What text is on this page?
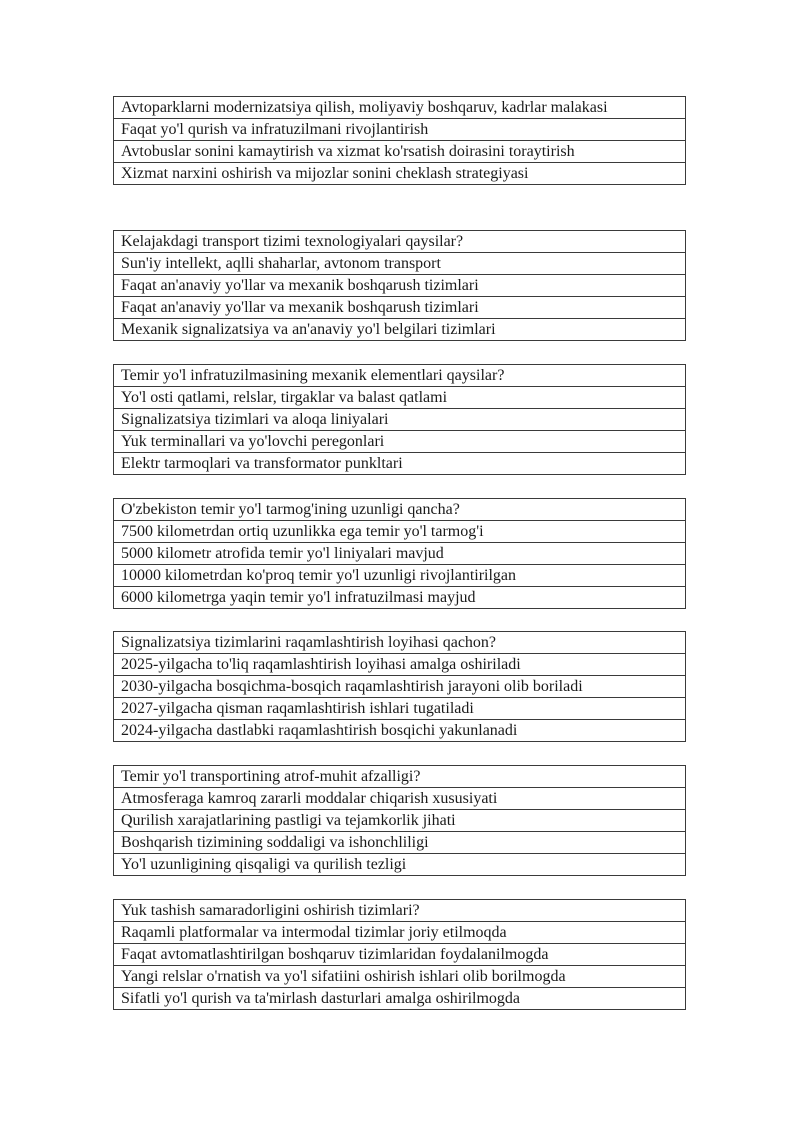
Avtoparklarni modernizatsiya qilish, moliyaviy boshqaruv, kadrlar malakasi
Faqat yo'l qurish va infratuzilmani rivojlantirish
Avtobuslar sonini kamaytirish va xizmat ko'rsatish doirasini toraytirish
Xizmat narxini oshirish va mijozlar sonini cheklash strategiyasi
Kelajakdagi transport tizimi texnologiyalari qaysilar?
Sun'iy intellekt, aqlli shaharlar, avtonom transport
Faqat an'anaviy yo'llar va mexanik boshqarush tizimlari
Faqat an'anaviy yo'llar va mexanik boshqarush tizimlari
Mexanik signalizatsiya va an'anaviy yo'l belgilari tizimlari
Temir yo'l infratuzilmasining mexanik elementlari qaysilar?
Yo'l osti qatlami, relslar, tirgaklar va balast qatlami
Signalizatsiya tizimlari va aloqa liniyalari
Yuk terminallari va yo'lovchi peregonlari
Elektr tarmoqlari va transformator punkltari
O'zbekiston temir yo'l tarmog'ining uzunligi qancha?
7500 kilometrdan ortiq uzunlikka ega temir yo'l tarmog'i
5000 kilometr atrofida temir yo'l liniyalari mavjud
10000 kilometrdan ko'proq temir yo'l uzunligi rivojlantirilgan
6000 kilometrga yaqin temir yo'l infratuzilmasi mayjud
Signalizatsiya tizimlarini raqamlashtirish loyihasi qachon?
2025-yilgacha to'liq raqamlashtirish loyihasi amalga oshiriladi
2030-yilgacha bosqichma-bosqich raqamlashtirish jarayoni olib boriladi
2027-yilgacha qisman raqamlashtirish ishlari tugatiladi
2024-yilgacha dastlabki raqamlashtirish bosqichi yakunlanadi
Temir yo'l transportining atrof-muhit afzalligi?
Atmosferaga kamroq zararli moddalar chiqarish xususiyati
Qurilish xarajatlarining pastligi va tejamkorlik jihati
Boshqarish tizimining soddaligi va ishonchliligi
Yo'l uzunligining qisqaligi va qurilish tezligi
Yuk tashish samaradorligini oshirish tizimlari?
Raqamli platformalar va intermodal tizimlar joriy etilmoqda
Faqat avtomatlashtirilgan boshqaruv tizimlaridan foydalanilmogda
Yangi relslar o'rnatish va yo'l sifatiini oshirish ishlari olib borilmogda
Sifatli yo'l qurish va ta'mirlash dasturlari amalga oshirilmogda
